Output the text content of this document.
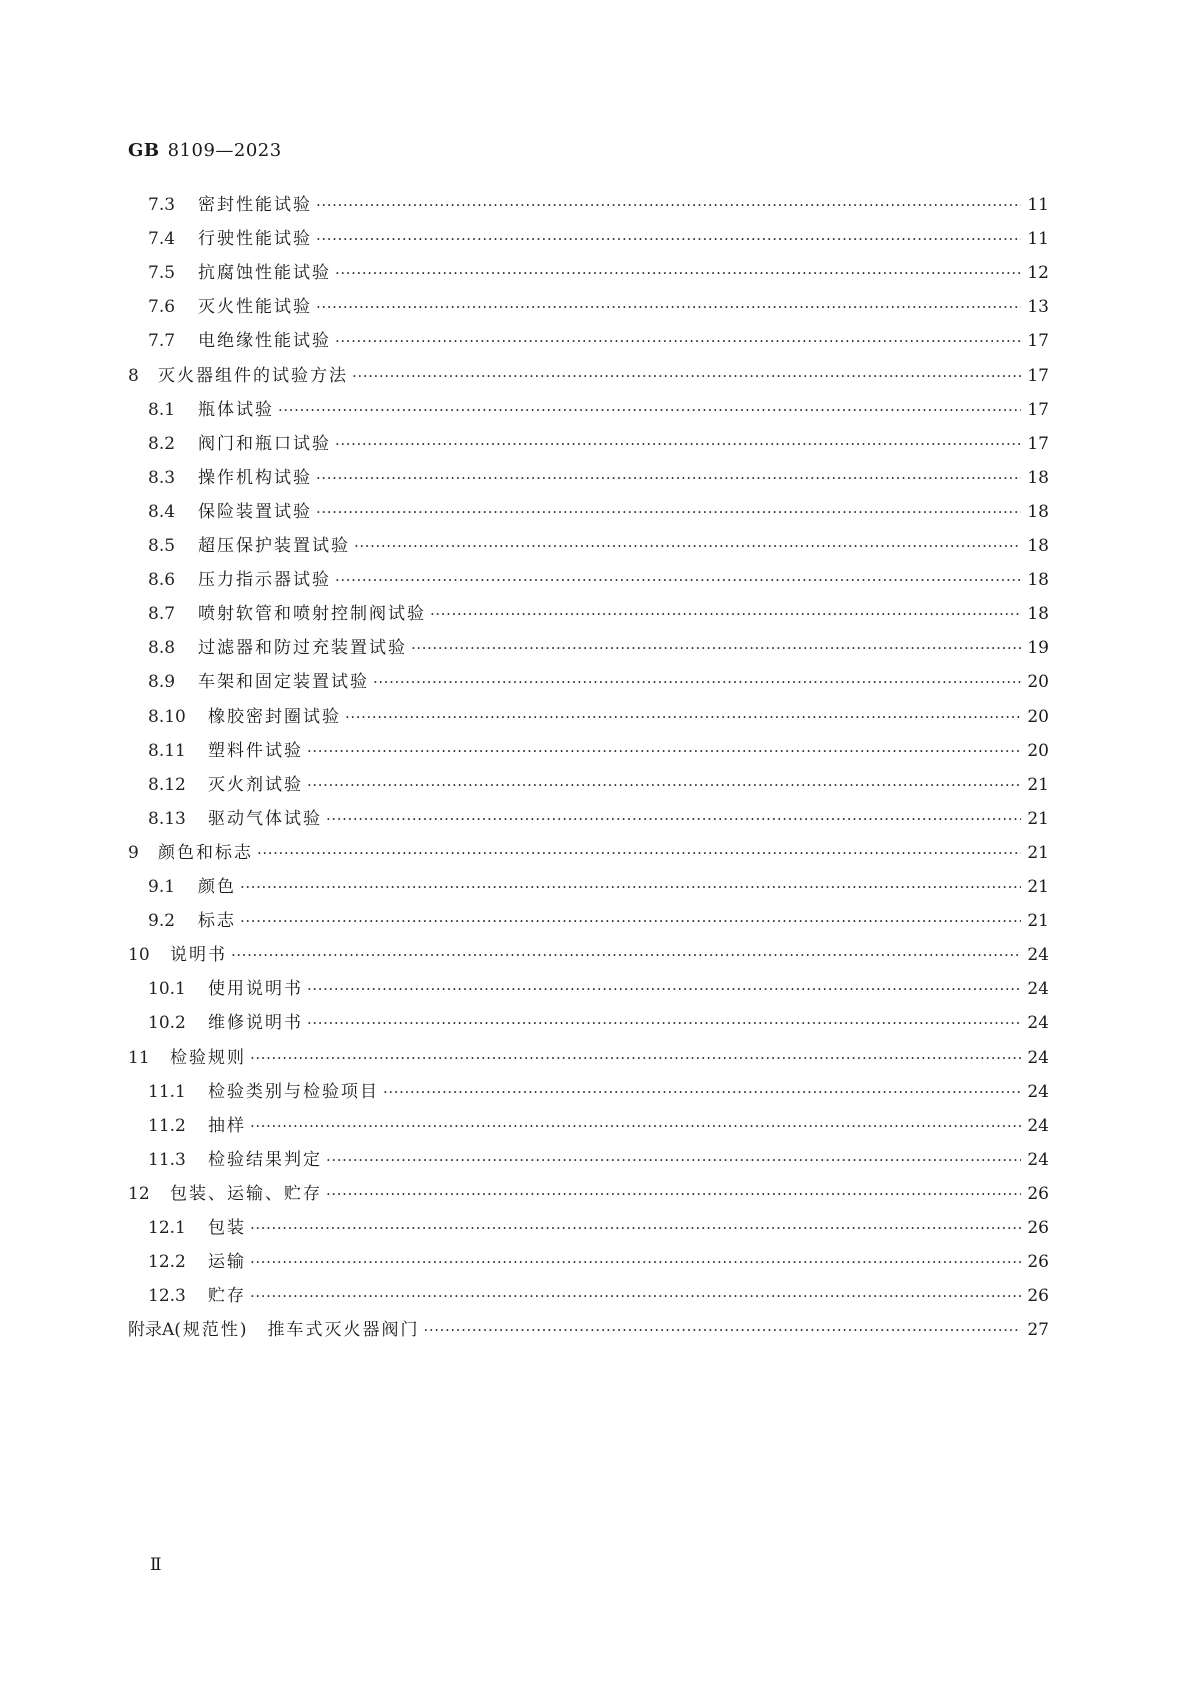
GB 8109—2023
7.3	密封性能试验 ·····	11
7.4	行驶性能试验 ·····	11
7.5	抗腐蚀性能试验 ·····	12
7.6	灭火性能试验 ·····	13
7.7	电绝缘性能试验 ·····	17
8	灭火器组件的试验方法 ·····	17
8.1	瓶体试验 ·····	17
8.2	阀门和瓶口试验 ·····	17
8.3	操作机构试验 ·····	18
8.4	保险装置试验 ·····	18
8.5	超压保护装置试验 ·····	18
8.6	压力指示器试验 ·····	18
8.7	喷射软管和喷射控制阀试验 ·····	18
8.8	过滤器和防过充装置试验 ·····	19
8.9	车架和固定装置试验 ·····	20
8.10	橡胶密封圈试验 ·····	20
8.11	塑料件试验 ·····	20
8.12	灭火剂试验 ·····	21
8.13	驱动气体试验 ·····	21
9	颜色和标志 ·····	21
9.1	颜色 ·····	21
9.2	标志 ·····	21
10	说明书 ·····	24
10.1	使用说明书 ·····	24
10.2	维修说明书 ·····	24
11	检验规则 ·····	24
11.1	检验类别与检验项目 ·····	24
11.2	抽样 ·····	24
11.3	检验结果判定 ·····	24
12	包装、运输、贮存 ·····	26
12.1	包装 ·····	26
12.2	运输 ·····	26
12.3	贮存 ·····	26
附录A (规范性)　推车式灭火器阀门 ·····	27
Ⅱ
